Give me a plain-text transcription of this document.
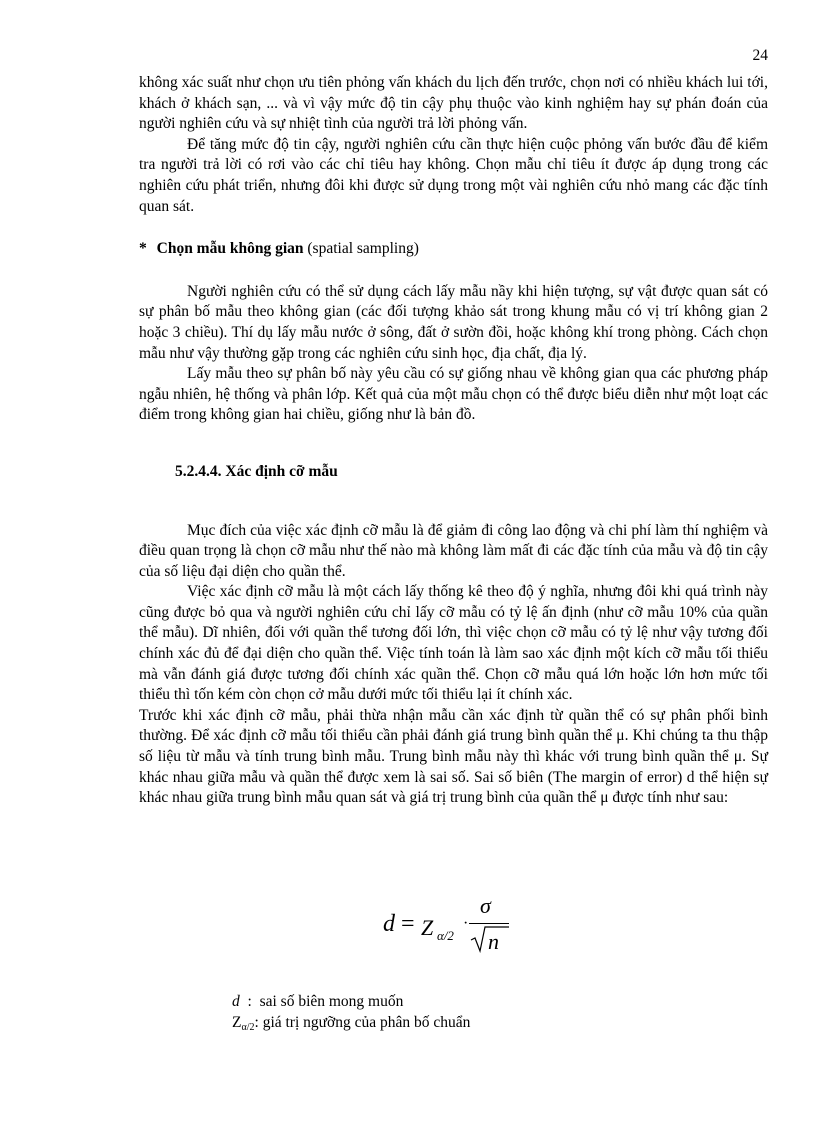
24

không xác suất như chọn ưu tiên phỏng vấn khách du lịch đến trước, chọn nơi có nhiều khách lui tới, khách ở khách sạn, ... và vì vậy mức độ tin cậy phụ thuộc vào kinh nghiệm hay sự phán đoán của người nghiên cứu và sự nhiệt tình của người trả lời phỏng vấn.

Để tăng mức độ tin cậy, người nghiên cứu cần thực hiện cuộc phỏng vấn bước đầu để kiểm tra người trả lời có rơi vào các chỉ tiêu hay không. Chọn mẫu chỉ tiêu ít được áp dụng trong các nghiên cứu phát triển, nhưng đôi khi được sử dụng trong một vài nghiên cứu nhỏ mang các đặc tính quan sát.

* Chọn mẫu không gian (spatial sampling)

Người nghiên cứu có thể sử dụng cách lấy mẫu nầy khi hiện tượng, sự vật được quan sát có sự phân bố mẫu theo không gian (các đối tượng khảo sát trong khung mẫu có vị trí không gian 2 hoặc 3 chiều). Thí dụ lấy mẫu nước ở sông, đất ở sườn đồi, hoặc không khí trong phòng. Cách chọn mẫu như vậy thường gặp trong các nghiên cứu sinh học, địa chất, địa lý.

Lấy mẫu theo sự phân bố này yêu cầu có sự giống nhau về không gian qua các phương pháp ngẫu nhiên, hệ thống và phân lớp. Kết quả của một mẫu chọn có thể được biểu diễn như một loạt các điểm trong không gian hai chiều, giống như là bản đồ.

5.2.4.4. Xác định cỡ mẫu

Mục đích của việc xác định cỡ mẫu là để giảm đi công lao động và chi phí làm thí nghiệm và điều quan trọng là chọn cỡ mẫu như thế nào mà không làm mất đi các đặc tính của mẫu và độ tin cậy của số liệu đại diện cho quần thể.

Việc xác định cỡ mẫu là một cách lấy thống kê theo độ ý nghĩa, nhưng đôi khi quá trình này cũng được bỏ qua và người nghiên cứu chỉ lấy cỡ mẫu có tỷ lệ ấn định (như cỡ mẫu 10% của quần thể mẫu). Dĩ nhiên, đối với quần thể tương đối lớn, thì việc chọn cỡ mẫu có tỷ lệ như vậy tương đối chính xác đủ để đại diện cho quần thể. Việc tính toán là làm sao xác định một kích cỡ mẫu tối thiểu mà vẫn đánh giá được tương đối chính xác quần thể. Chọn cỡ mẫu quá lớn hoặc lớn hơn mức tối thiểu thì tốn kém còn chọn cở mẫu dưới mức tối thiểu lại ít chính xác.

Trước khi xác định cỡ mẫu, phải thừa nhận mẫu cần xác định từ quần thể có sự phân phối bình thường. Để xác định cỡ mẫu tối thiểu cần phải đánh giá trung bình quần thể μ. Khi chúng ta thu thập số liệu từ mẫu và tính trung bình mẫu. Trung bình mẫu này thì khác với trung bình quần thể μ. Sự khác nhau giữa mẫu và quần thể được xem là sai số. Sai số biên (The margin of error) d thể hiện sự khác nhau giữa trung bình mẫu quan sát và giá trị trung bình của quần thể μ được tính như sau:

d = Z α/2
·
σ
n
d  :  sai số biên mong muốn
Zα/2: giá trị ngưỡng của phân bố chuẩn
